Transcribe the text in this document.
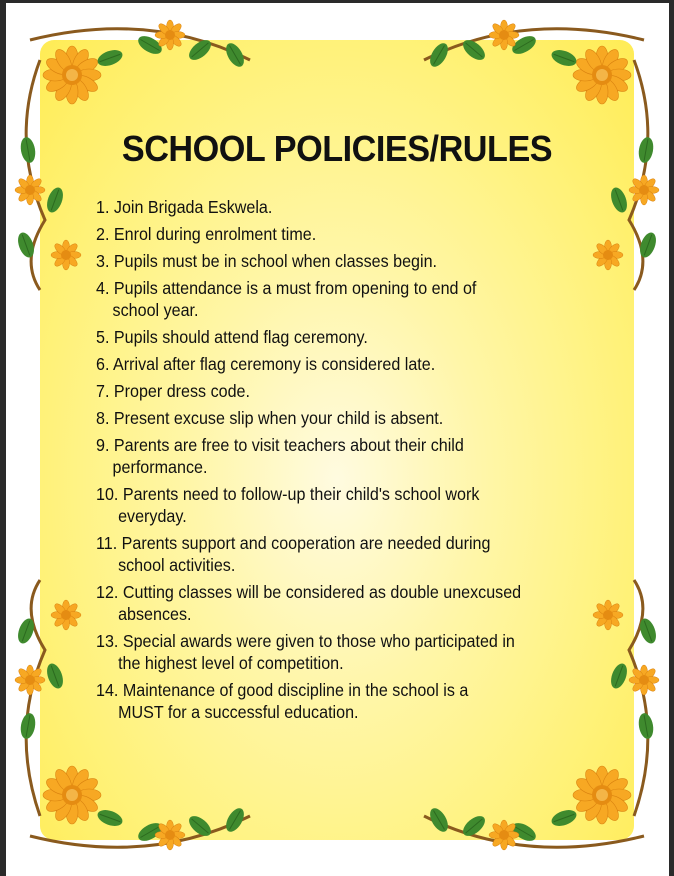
SCHOOL POLICIES/RULES
1. Join Brigada Eskwela.
2. Enrol during enrolment time.
3. Pupils must be in school when classes begin.
4. Pupils attendance is a must from opening to end of
school year.
5. Pupils should attend flag ceremony.
6. Arrival after flag ceremony is considered late.
7. Proper dress code.
8. Present excuse slip when your child is absent.
9. Parents are free to visit teachers about their child
performance.
10. Parents need to follow-up their child's school work
everyday.
11. Parents support and cooperation are needed during
school activities.
12. Cutting classes will be considered as double unexcused
absences.
13. Special awards were given to those who participated in
the highest level of competition.
14. Maintenance of good discipline in the school is a
MUST for a successful education.
